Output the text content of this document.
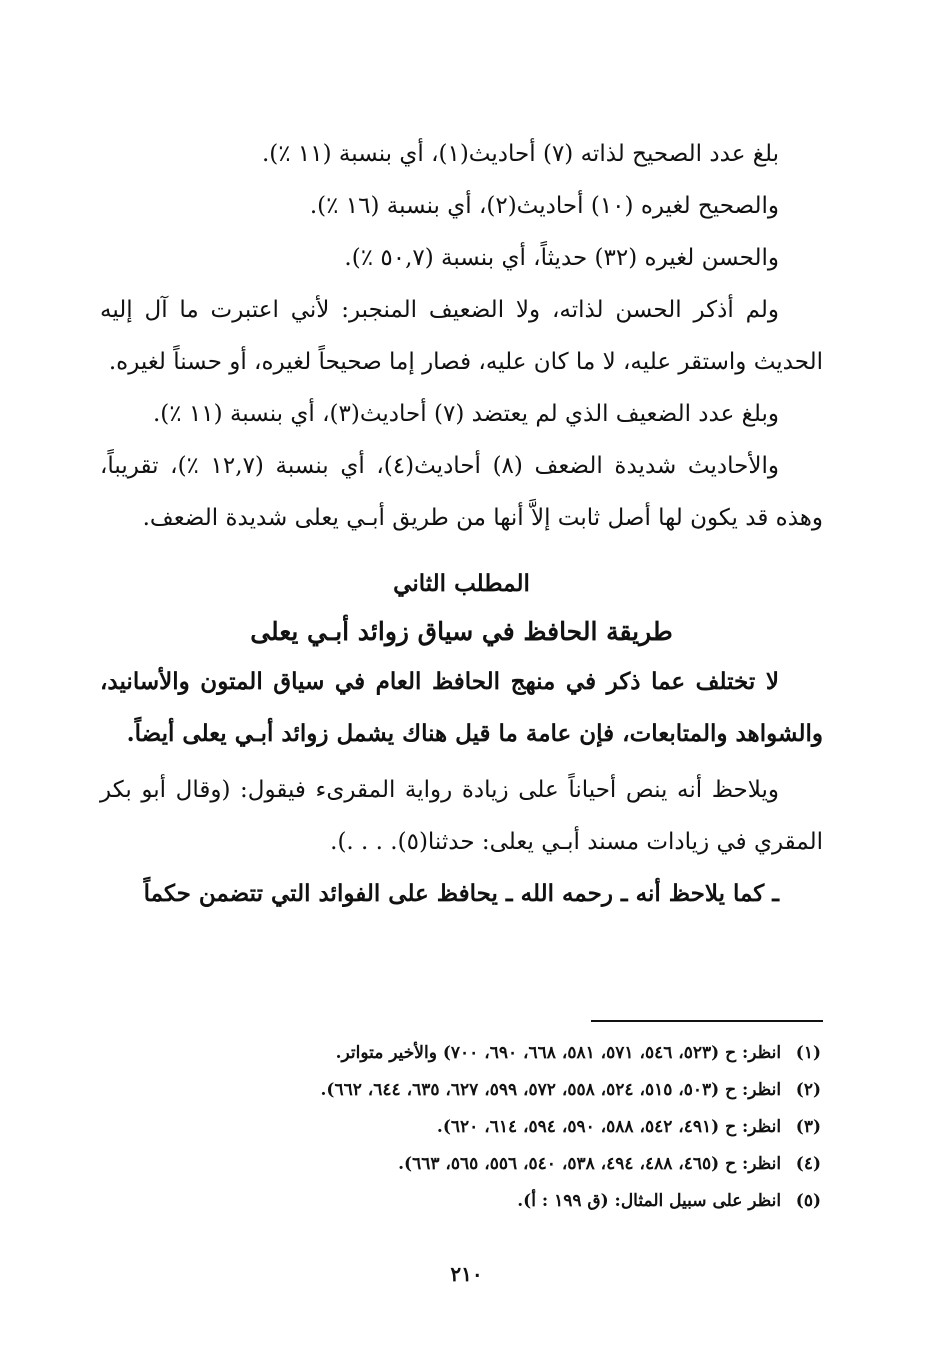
بلغ عدد الصحيح لذاته (٧) أحاديث(١)، أي بنسبة (١١ ٪).

والصحيح لغيره (١٠) أحاديث(٢)، أي بنسبة (١٦ ٪).

والحسن لغيره (٣٢) حديثاً، أي بنسبة (٥٠,٧ ٪).

ولم أذكر الحسن لذاته، ولا الضعيف المنجبر: لأني اعتبرت ما آل إليه الحديث واستقر عليه، لا ما كان عليه، فصار إما صحيحاً لغيره، أو حسناً لغيره.

وبلغ عدد الضعيف الذي لم يعتضد (٧) أحاديث(٣)، أي بنسبة (١١ ٪).

والأحاديث شديدة الضعف (٨) أحاديث(٤)، أي بنسبة (١٢,٧ ٪)، تقريباً، وهذه قد يكون لها أصل ثابت إلاَّ أنها من طريق أبـي يعلى شديدة الضعف.

المطلب الثاني
طريقة الحافظ في سياق زوائد أبـي يعلى

لا تختلف عما ذكر في منهج الحافظ العام في سياق المتون والأسانيد، والشواهد والمتابعات، فإن عامة ما قيل هناك يشمل زوائد أبـي يعلى أيضاً.

ويلاحظ أنه ينص أحياناً على زيادة رواية المقرىء فيقول: (وقال أبو بكر المقري في زيادات مسند أبـي يعلى: حدثنا(٥). . . .).

ـ كما يلاحظ أنه ـ رحمه الله ـ يحافظ على الفوائد التي تتضمن حكماً

(١) انظر: ح (٥٢٣، ٥٤٦، ٥٧١، ٥٨١، ٦٦٨، ٦٩٠، ٧٠٠) والأخير متواتر.

(٢) انظر: ح (٥٠٣، ٥١٥، ٥٢٤، ٥٥٨، ٥٧٢، ٥٩٩، ٦٢٧، ٦٣٥، ٦٤٤، ٦٦٢).

(٣) انظر: ح (٤٩١، ٥٤٢، ٥٨٨، ٥٩٠، ٥٩٤، ٦١٤، ٦٢٠).

(٤) انظر: ح (٤٦٥، ٤٨٨، ٤٩٤، ٥٣٨، ٥٤٠، ٥٥٦، ٥٦٥، ٦٦٣).

(٥) انظر على سبيل المثال: (ق ١٩٩ : أ).

٢١٠
